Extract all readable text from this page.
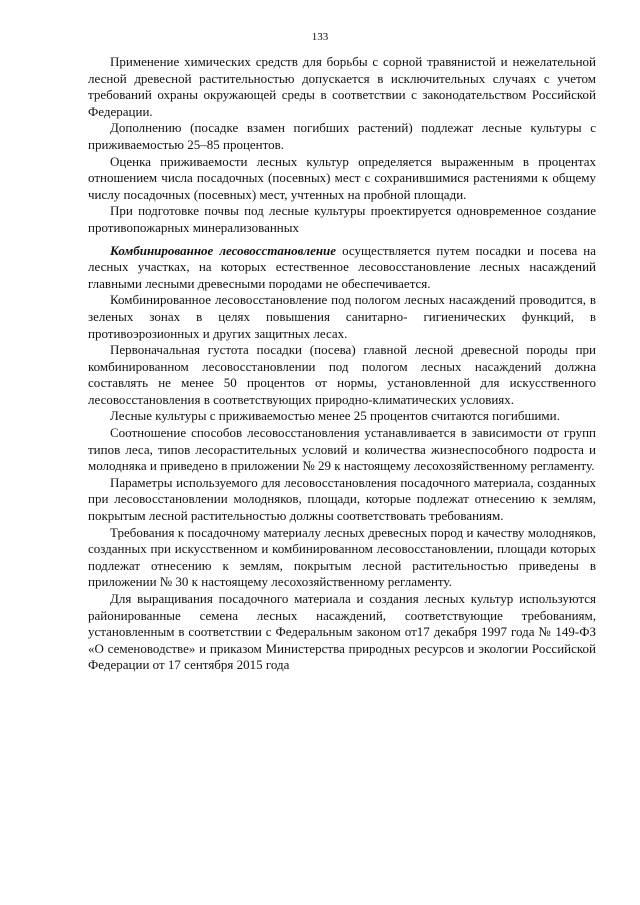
133

Применение химических средств для борьбы с сорной травянистой и нежелательной лесной древесной растительностью допускается в исключительных случаях с учетом требований охраны окружающей среды в соответствии с законодательством Российской Федерации.

Дополнению (посадке взамен погибших растений) подлежат лесные культуры с приживаемостью 25–85 процентов.

Оценка приживаемости лесных культур определяется выраженным в процентах отношением числа посадочных (посевных) мест с сохранившимися растениями к общему числу посадочных (посевных) мест, учтенных на пробной площади.

При подготовке почвы под лесные культуры проектируется одновременное создание противопожарных минерализованных

Комбинированное лесовосстановление осуществляется путем посадки и посева на лесных участках, на которых естественное лесовосстановление лесных насаждений главными лесными древесными породами не обеспечивается.

Комбинированное лесовосстановление под пологом лесных насаждений проводится, в зеленых зонах в целях повышения санитарно- гигиенических функций, в противоэрозионных и других защитных лесах.

Первоначальная густота посадки (посева) главной лесной древесной породы при комбинированном лесовосстановлении под пологом лесных насаждений должна составлять не менее 50 процентов от нормы, установленной для искусственного лесовосстановления в соответствующих природно-климатических условиях.

Лесные культуры с приживаемостью менее 25 процентов считаются погибшими.

Соотношение способов лесовосстановления устанавливается в зависимости от групп типов леса, типов лесорастительных условий и количества жизнеспособного подроста и молодняка и приведено в приложении № 29 к настоящему лесохозяйственному регламенту.

Параметры используемого для лесовосстановления посадочного материала, созданных при лесовосстановлении молодняков, площади, которые подлежат отнесению к землям, покрытым лесной растительностью должны соответствовать требованиям.

Требования к посадочному материалу лесных древесных пород и качеству молодняков, созданных при искусственном и комбинированном лесовосстановлении, площади которых подлежат отнесению к землям, покрытым лесной растительностью приведены в приложении № 30 к настоящему лесохозяйственному регламенту.

Для выращивания посадочного материала и создания лесных культур используются районированные семена лесных насаждений, соответствующие требованиям, установленным в соответствии с Федеральным законом от17 декабря 1997 года № 149-ФЗ «О семеноводстве» и приказом Министерства природных ресурсов и экологии Российской Федерации от 17 сентября 2015 года
